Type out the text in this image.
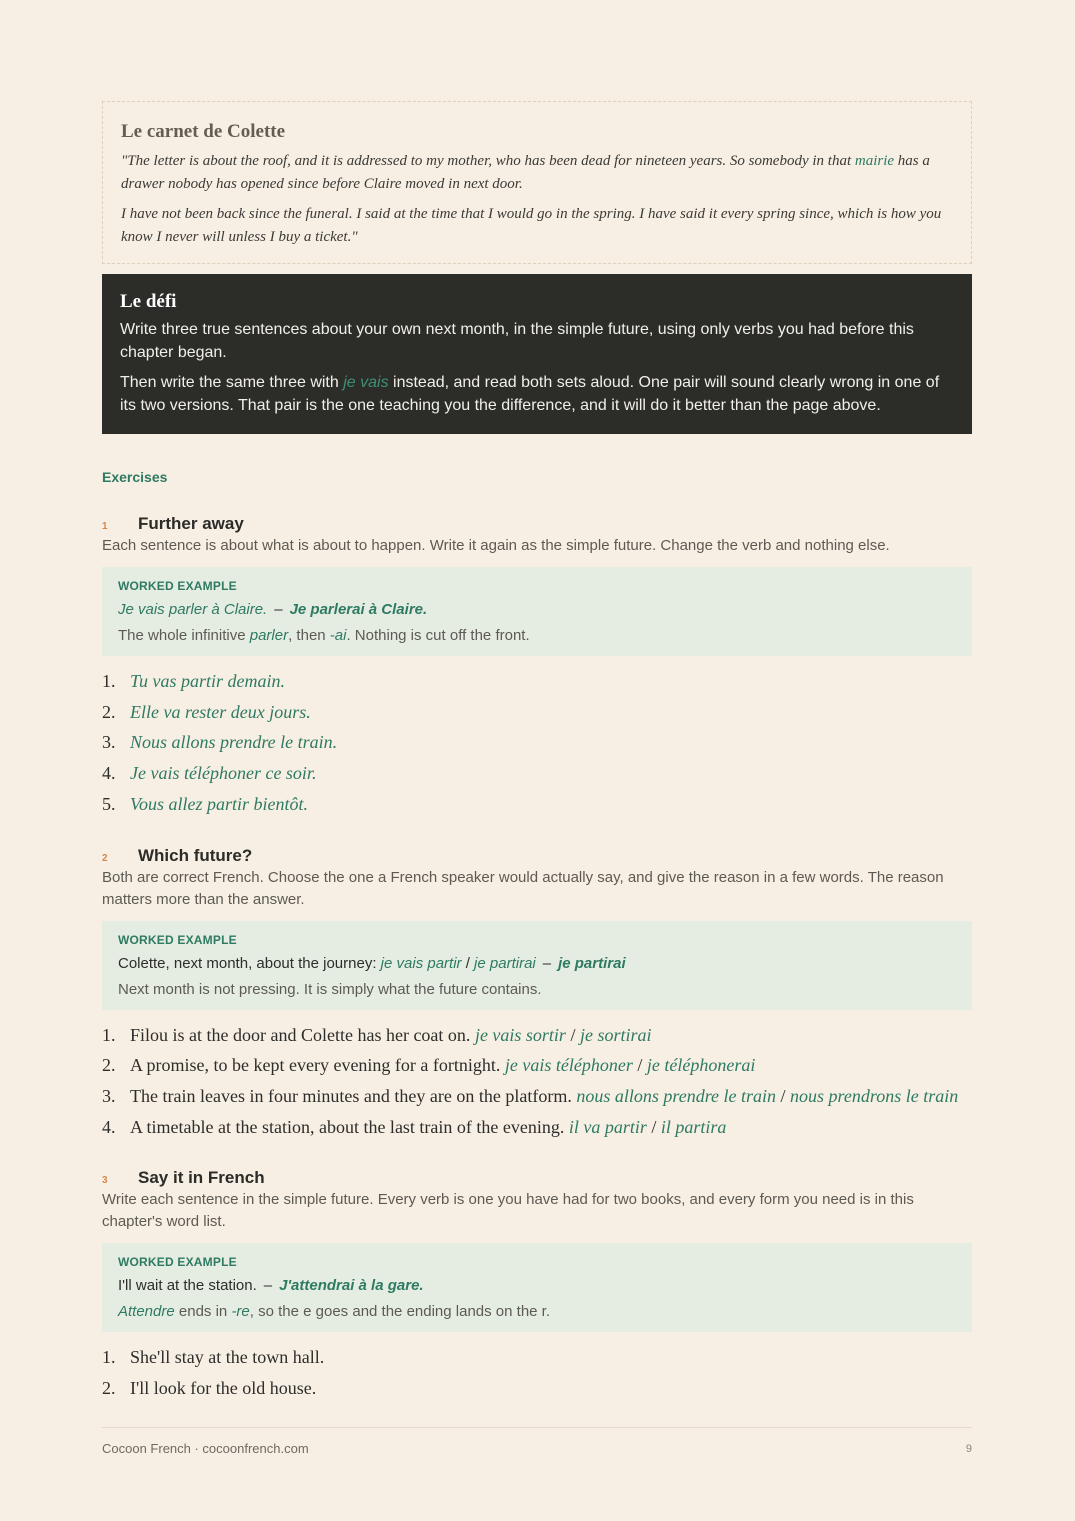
Le carnet de Colette

"The letter is about the roof, and it is addressed to my mother, who has been dead for nineteen years. So somebody in that mairie has a drawer nobody has opened since before Claire moved in next door.

I have not been back since the funeral. I said at the time that I would go in the spring. I have said it every spring since, which is how you know I never will unless I buy a ticket."

Le défi

Write three true sentences about your own next month, in the simple future, using only verbs you had before this chapter began.

Then write the same three with je vais instead, and read both sets aloud. One pair will sound clearly wrong in one of its two versions. That pair is the one teaching you the difference, and it will do it better than the page above.

Exercises
1	Further away
Each sentence is about what is about to happen. Write it again as the simple future. Change the verb and nothing else.
WORKED EXAMPLE
Je vais parler à Claire. – Je parlerai à Claire.
The whole infinitive parler, then -ai. Nothing is cut off the front.
Tu vas partir demain.
Elle va rester deux jours.
Nous allons prendre le train.
Je vais téléphoner ce soir.
Vous allez partir bientôt.
2	Which future?
Both are correct French. Choose the one a French speaker would actually say, and give the reason in a few words. The reason matters more than the answer.
WORKED EXAMPLE
Colette, next month, about the journey: je vais partir / je partirai – je partirai
Next month is not pressing. It is simply what the future contains.
Filou is at the door and Colette has her coat on. je vais sortir / je sortirai
A promise, to be kept every evening for a fortnight. je vais téléphoner / je téléphonerai
The train leaves in four minutes and they are on the platform. nous allons prendre le train / nous prendrons le train
A timetable at the station, about the last train of the evening. il va partir / il partira
3	Say it in French
Write each sentence in the simple future. Every verb is one you have had for two books, and every form you need is in this chapter's word list.
WORKED EXAMPLE
I'll wait at the station. – J'attendrai à la gare.
Attendre ends in -re, so the e goes and the ending lands on the r.
She'll stay at the town hall.
I'll look for the old house.
Cocoon French · cocoonfrench.com	9
